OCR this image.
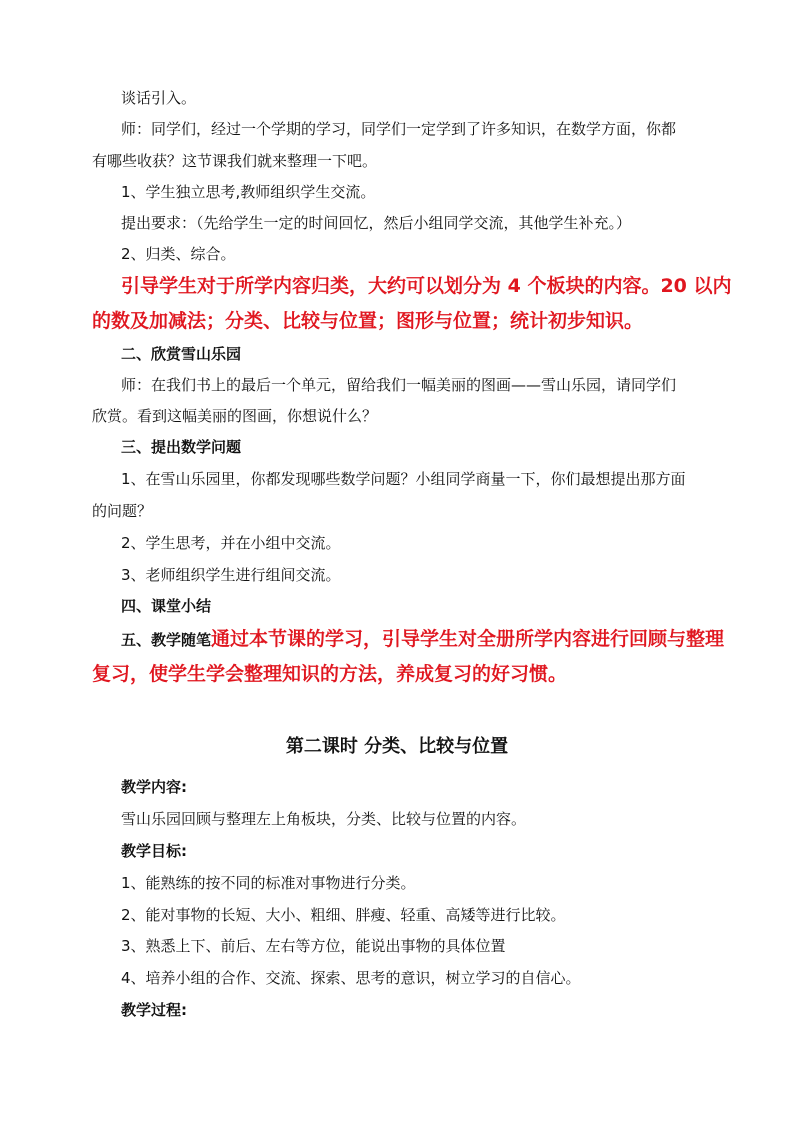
谈话引入。
师：同学们，经过一个学期的学习，同学们一定学到了许多知识，在数学方面，你都
有哪些收获？这节课我们就来整理一下吧。
1、学生独立思考,教师组织学生交流。
提出要求：（先给学生一定的时间回忆，然后小组同学交流，其他学生补充。）
2、归类、综合。
引导学生对于所学内容归类，大约可以划分为 4 个板块的内容。20 以内
的数及加减法；分类、比较与位置；图形与位置；统计初步知识。
二、欣赏雪山乐园
师：在我们书上的最后一个单元，留给我们一幅美丽的图画——雪山乐园，请同学们
欣赏。看到这幅美丽的图画，你想说什么？
三、提出数学问题
1、在雪山乐园里，你都发现哪些数学问题？小组同学商量一下，你们最想提出那方面
的问题？
2、学生思考，并在小组中交流。
3、老师组织学生进行组间交流。
四、课堂小结
五、教学随笔通过本节课的学习，引导学生对全册所学内容进行回顾与整理
复习，使学生学会整理知识的方法，养成复习的好习惯。
第二课时 分类、比较与位置
教学内容:
雪山乐园回顾与整理左上角板块，分类、比较与位置的内容。
教学目标:
1、能熟练的按不同的标准对事物进行分类。
2、能对事物的长短、大小、粗细、胖瘦、轻重、高矮等进行比较。
3、熟悉上下、前后、左右等方位，能说出事物的具体位置
4、培养小组的合作、交流、探索、思考的意识，树立学习的自信心。
教学过程:
